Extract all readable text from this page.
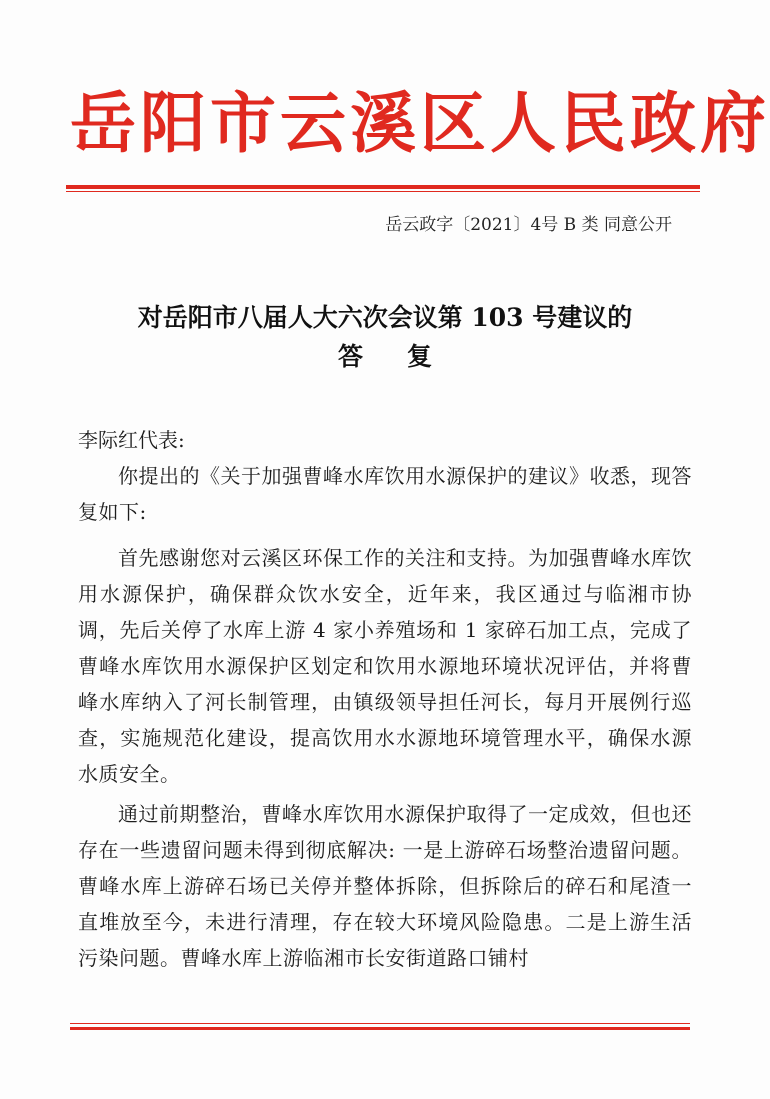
岳阳市云溪区人民政府
岳云政字〔2021〕4号 B 类 同意公开
对岳阳市八届人大六次会议第 103 号建议的
答复
李际红代表:
你提出的《关于加强曹峰水库饮用水源保护的建议》收悉，现答复如下:
首先感谢您对云溪区环保工作的关注和支持。为加强曹峰水库饮用水源保护，确保群众饮水安全，近年来，我区通过与临湘市协调，先后关停了水库上游 4 家小养殖场和 1 家碎石加工点，完成了曹峰水库饮用水源保护区划定和饮用水源地环境状况评估，并将曹峰水库纳入了河长制管理，由镇级领导担任河长，每月开展例行巡查，实施规范化建设，提高饮用水水源地环境管理水平，确保水源水质安全。
通过前期整治，曹峰水库饮用水源保护取得了一定成效，但也还存在一些遗留问题未得到彻底解决: 一是上游碎石场整治遗留问题。曹峰水库上游碎石场已关停并整体拆除，但拆除后的碎石和尾渣一直堆放至今，未进行清理，存在较大环境风险隐患。二是上游生活污染问题。曹峰水库上游临湘市长安街道路口铺村
